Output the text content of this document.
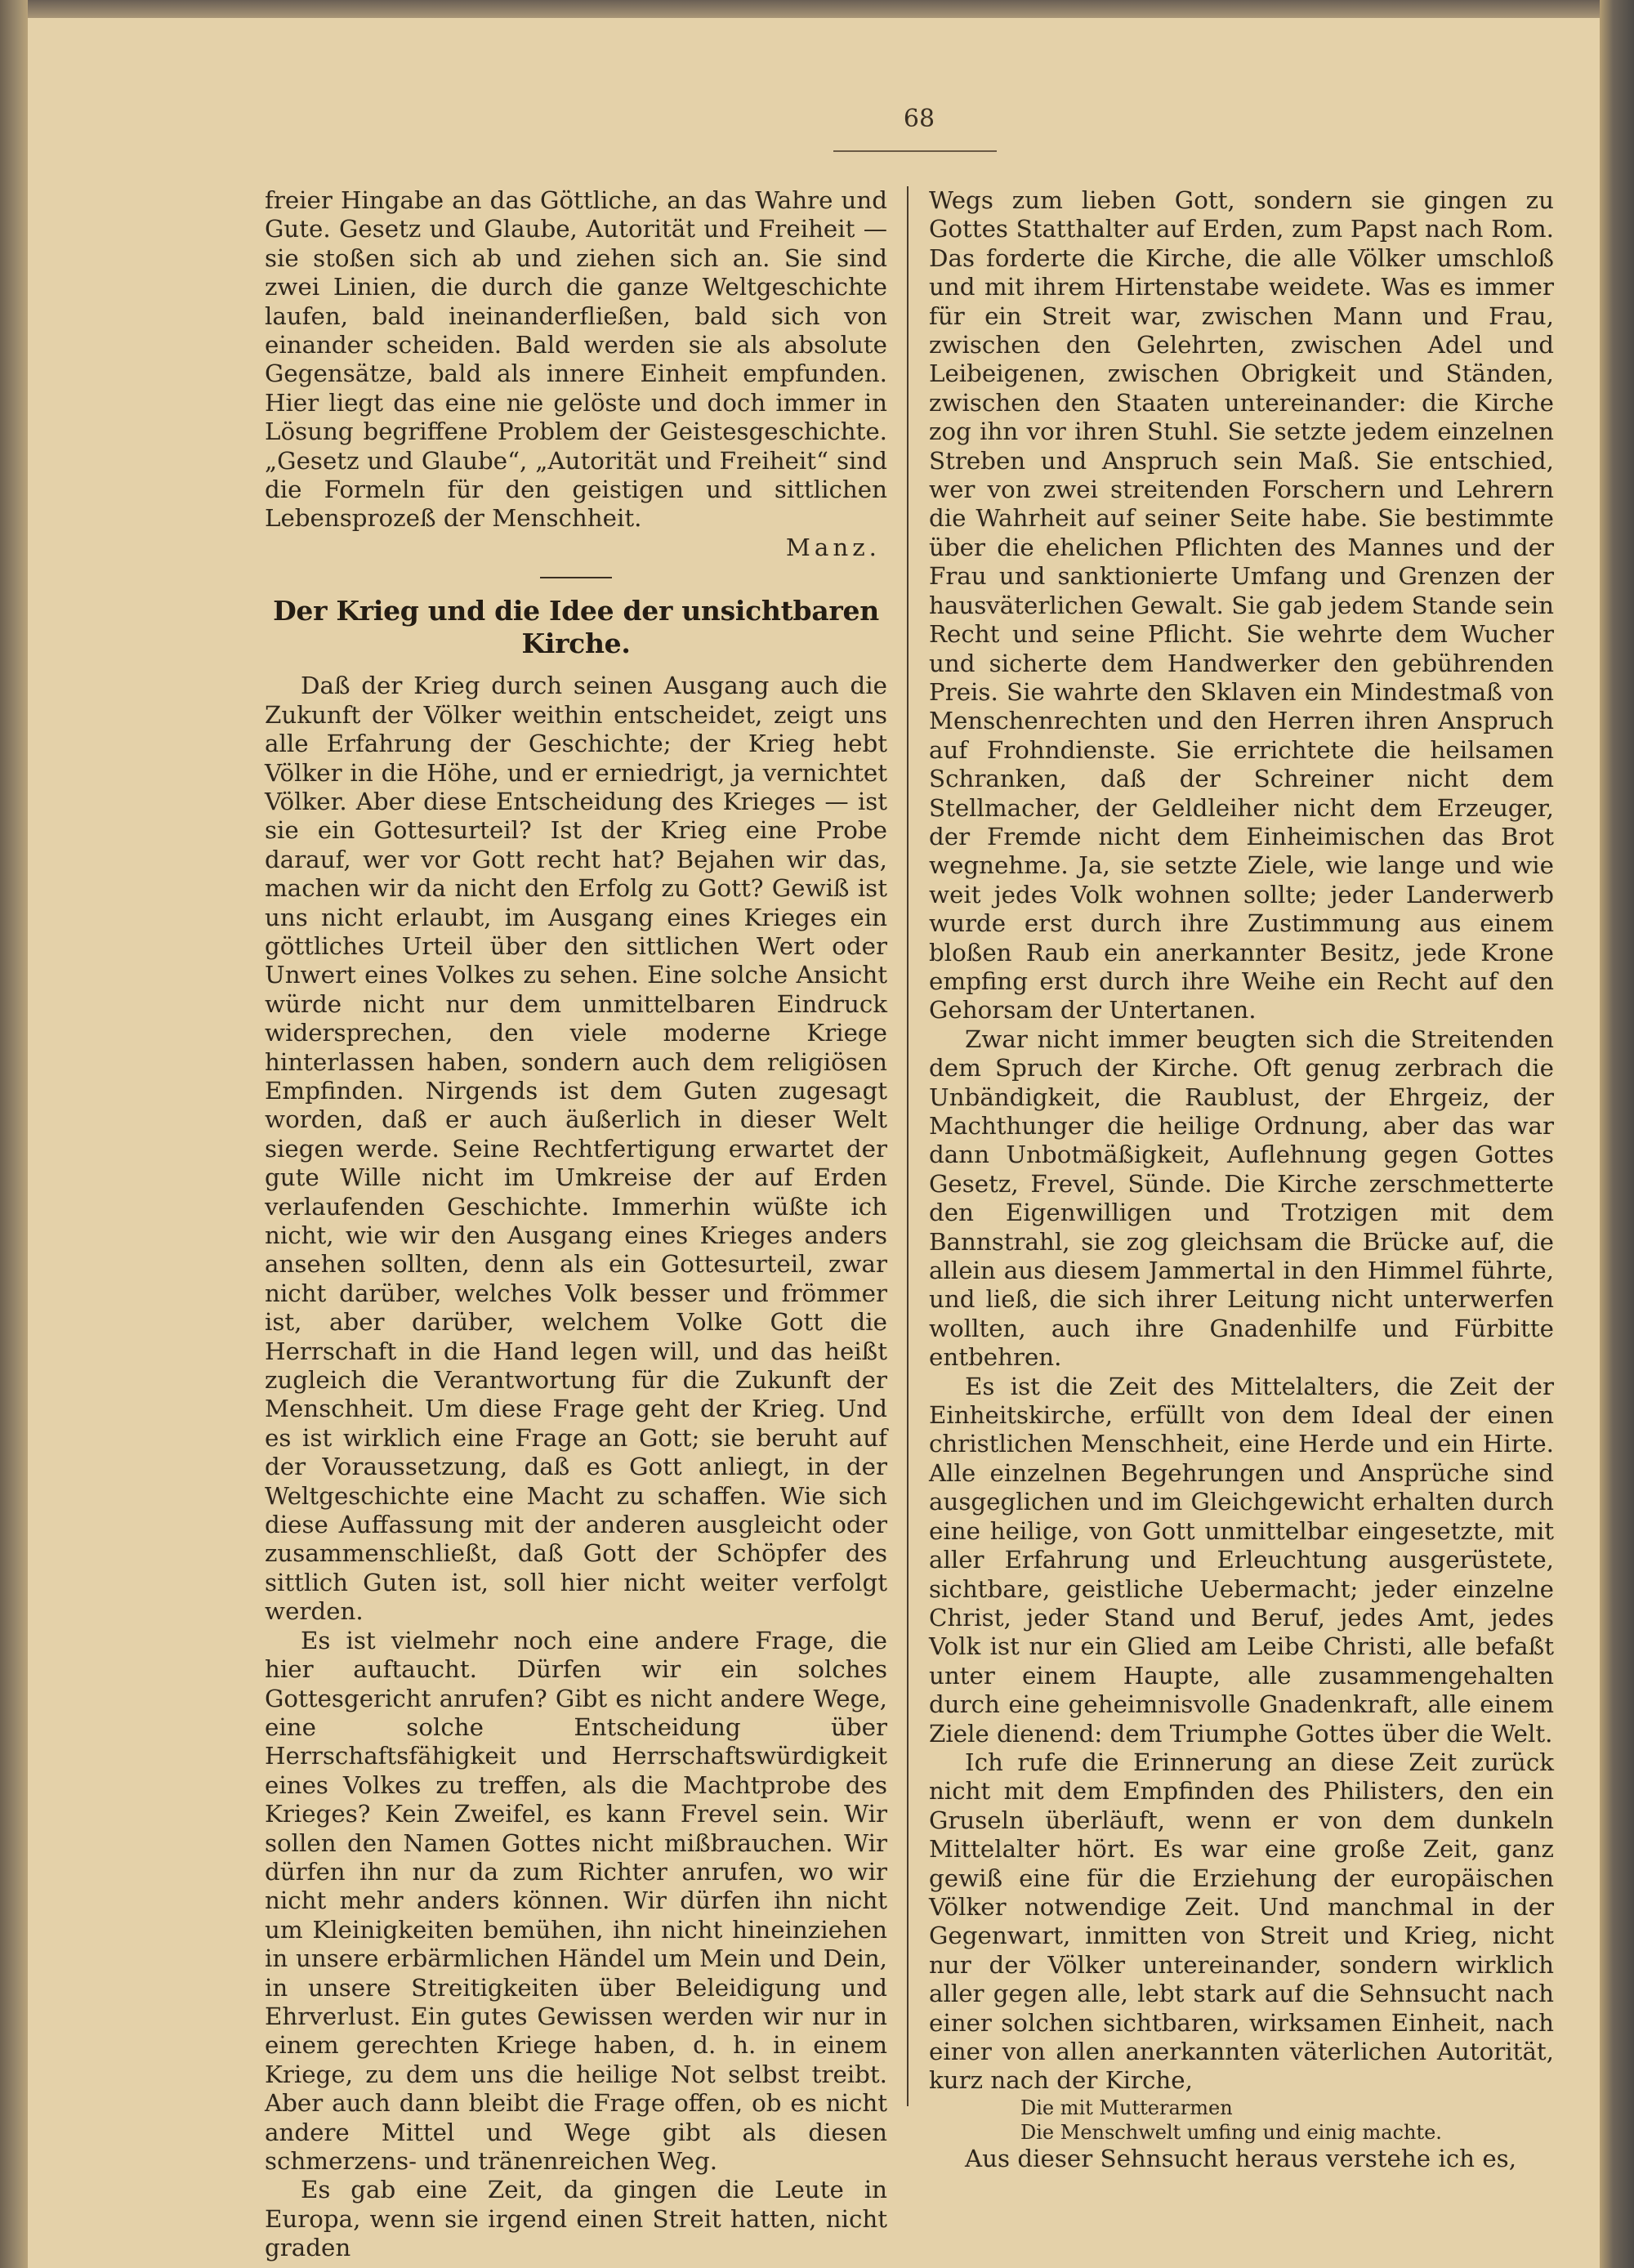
68

freier Hingabe an das Göttliche, an das Wahre und Gute. Gesetz und Glaube, Autorität und Freiheit — sie stoßen sich ab und ziehen sich an. Sie sind zwei Linien, die durch die ganze Weltgeschichte laufen, bald ineinanderfließen, bald sich von einander scheiden. Bald werden sie als absolute Gegensätze, bald als innere Einheit empfunden. Hier liegt das eine nie gelöste und doch immer in Lösung begriffene Problem der Geistesgeschichte. „Gesetz und Glaube“, „Autorität und Freiheit“ sind die Formeln für den geistigen und sittlichen Lebensprozeß der Menschheit.

Manz.

Der Krieg und die Idee der unsichtbaren Kirche.

Daß der Krieg durch seinen Ausgang auch die Zukunft der Völker weithin entscheidet, zeigt uns alle Erfahrung der Geschichte; der Krieg hebt Völker in die Höhe, und er erniedrigt, ja vernichtet Völker. Aber diese Entscheidung des Krieges — ist sie ein Gottesurteil? Ist der Krieg eine Probe darauf, wer vor Gott recht hat? Bejahen wir das, machen wir da nicht den Erfolg zu Gott? Gewiß ist uns nicht erlaubt, im Ausgang eines Krieges ein göttliches Urteil über den sittlichen Wert oder Unwert eines Volkes zu sehen. Eine solche Ansicht würde nicht nur dem unmittelbaren Eindruck widersprechen, den viele moderne Kriege hinterlassen haben, sondern auch dem religiösen Empfinden. Nirgends ist dem Guten zugesagt worden, daß er auch äußerlich in dieser Welt siegen werde. Seine Rechtfertigung erwartet der gute Wille nicht im Umkreise der auf Erden verlaufenden Geschichte. Immerhin wüßte ich nicht, wie wir den Ausgang eines Krieges anders ansehen sollten, denn als ein Gottesurteil, zwar nicht darüber, welches Volk besser und frömmer ist, aber darüber, welchem Volke Gott die Herrschaft in die Hand legen will, und das heißt zugleich die Verantwortung für die Zukunft der Menschheit. Um diese Frage geht der Krieg. Und es ist wirklich eine Frage an Gott; sie beruht auf der Voraussetzung, daß es Gott anliegt, in der Weltgeschichte eine Macht zu schaffen. Wie sich diese Auffassung mit der anderen ausgleicht oder zusammenschließt, daß Gott der Schöpfer des sittlich Guten ist, soll hier nicht weiter verfolgt werden.

Es ist vielmehr noch eine andere Frage, die hier auftaucht. Dürfen wir ein solches Gottesgericht anrufen? Gibt es nicht andere Wege, eine solche Entscheidung über Herrschaftsfähigkeit und Herrschaftswürdigkeit eines Volkes zu treffen, als die Machtprobe des Krieges? Kein Zweifel, es kann Frevel sein. Wir sollen den Namen Gottes nicht mißbrauchen. Wir dürfen ihn nur da zum Richter anrufen, wo wir nicht mehr anders können. Wir dürfen ihn nicht um Kleinigkeiten bemühen, ihn nicht hineinziehen in unsere erbärmlichen Händel um Mein und Dein, in unsere Streitigkeiten über Beleidigung und Ehrverlust. Ein gutes Gewissen werden wir nur in einem gerechten Kriege haben, d. h. in einem Kriege, zu dem uns die heilige Not selbst treibt. Aber auch dann bleibt die Frage offen, ob es nicht andere Mittel und Wege gibt als diesen schmerzens- und tränenreichen Weg.

Es gab eine Zeit, da gingen die Leute in Europa, wenn sie irgend einen Streit hatten, nicht graden

Wegs zum lieben Gott, sondern sie gingen zu Gottes Statthalter auf Erden, zum Papst nach Rom. Das forderte die Kirche, die alle Völker umschloß und mit ihrem Hirtenstabe weidete. Was es immer für ein Streit war, zwischen Mann und Frau, zwischen den Gelehrten, zwischen Adel und Leibeigenen, zwischen Obrigkeit und Ständen, zwischen den Staaten untereinander: die Kirche zog ihn vor ihren Stuhl. Sie setzte jedem einzelnen Streben und Anspruch sein Maß. Sie entschied, wer von zwei streitenden Forschern und Lehrern die Wahrheit auf seiner Seite habe. Sie bestimmte über die ehelichen Pflichten des Mannes und der Frau und sanktionierte Umfang und Grenzen der hausväterlichen Gewalt. Sie gab jedem Stande sein Recht und seine Pflicht. Sie wehrte dem Wucher und sicherte dem Handwerker den gebührenden Preis. Sie wahrte den Sklaven ein Mindestmaß von Menschenrechten und den Herren ihren Anspruch auf Frohndienste. Sie errichtete die heilsamen Schranken, daß der Schreiner nicht dem Stellmacher, der Geldleiher nicht dem Erzeuger, der Fremde nicht dem Einheimischen das Brot wegnehme. Ja, sie setzte Ziele, wie lange und wie weit jedes Volk wohnen sollte; jeder Landerwerb wurde erst durch ihre Zustimmung aus einem bloßen Raub ein anerkannter Besitz, jede Krone empfing erst durch ihre Weihe ein Recht auf den Gehorsam der Untertanen.

Zwar nicht immer beugten sich die Streitenden dem Spruch der Kirche. Oft genug zerbrach die Unbändigkeit, die Raublust, der Ehrgeiz, der Machthunger die heilige Ordnung, aber das war dann Unbotmäßigkeit, Auflehnung gegen Gottes Gesetz, Frevel, Sünde. Die Kirche zerschmetterte den Eigenwilligen und Trotzigen mit dem Bannstrahl, sie zog gleichsam die Brücke auf, die allein aus diesem Jammertal in den Himmel führte, und ließ, die sich ihrer Leitung nicht unterwerfen wollten, auch ihre Gnadenhilfe und Fürbitte entbehren.

Es ist die Zeit des Mittelalters, die Zeit der Einheitskirche, erfüllt von dem Ideal der einen christlichen Menschheit, eine Herde und ein Hirte. Alle einzelnen Begehrungen und Ansprüche sind ausgeglichen und im Gleichgewicht erhalten durch eine heilige, von Gott unmittelbar eingesetzte, mit aller Erfahrung und Erleuchtung ausgerüstete, sichtbare, geistliche Uebermacht; jeder einzelne Christ, jeder Stand und Beruf, jedes Amt, jedes Volk ist nur ein Glied am Leibe Christi, alle befaßt unter einem Haupte, alle zusammengehalten durch eine geheimnisvolle Gnadenkraft, alle einem Ziele dienend: dem Triumphe Gottes über die Welt.

Ich rufe die Erinnerung an diese Zeit zurück nicht mit dem Empfinden des Philisters, den ein Gruseln überläuft, wenn er von dem dunkeln Mittelalter hört. Es war eine große Zeit, ganz gewiß eine für die Erziehung der europäischen Völker notwendige Zeit. Und manchmal in der Gegenwart, inmitten von Streit und Krieg, nicht nur der Völker untereinander, sondern wirklich aller gegen alle, lebt stark auf die Sehnsucht nach einer solchen sichtbaren, wirksamen Einheit, nach einer von allen anerkannten väterlichen Autorität, kurz nach der Kirche,

Die mit Mutterarmen

Die Menschwelt umfing und einig machte.

Aus dieser Sehnsucht heraus verstehe ich es,
